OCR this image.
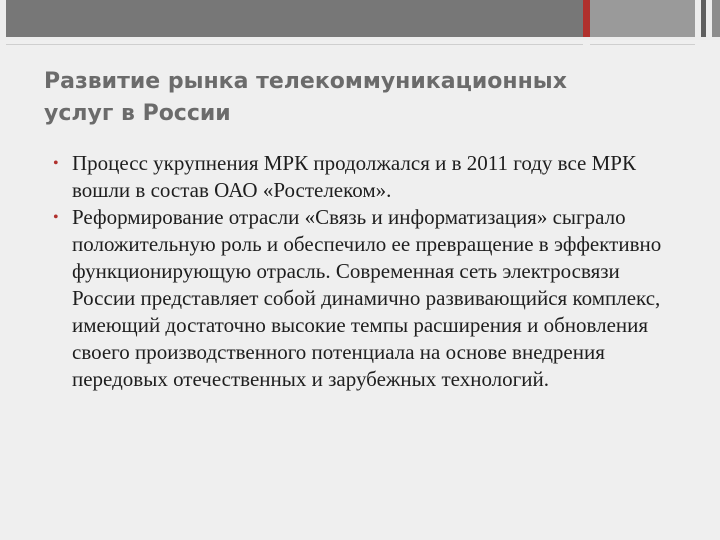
Развитие рынка телекоммуникационных
услуг в России
• Процесс укрупнения МРК продолжался и в 2011 году все МРК вошли в состав ОАО «Ростелеком».
• Реформирование отрасли «Связь и информатизация» сыграло положительную роль и обеспечило ее превращение в эффективно функционирующую отрасль. Современная сеть электросвязи России представляет собой динамично развивающийся комплекс, имеющий достаточно высокие темпы расширения и обновления своего производственного потенциала на основе внедрения передовых отечественных и зарубежных технологий.
